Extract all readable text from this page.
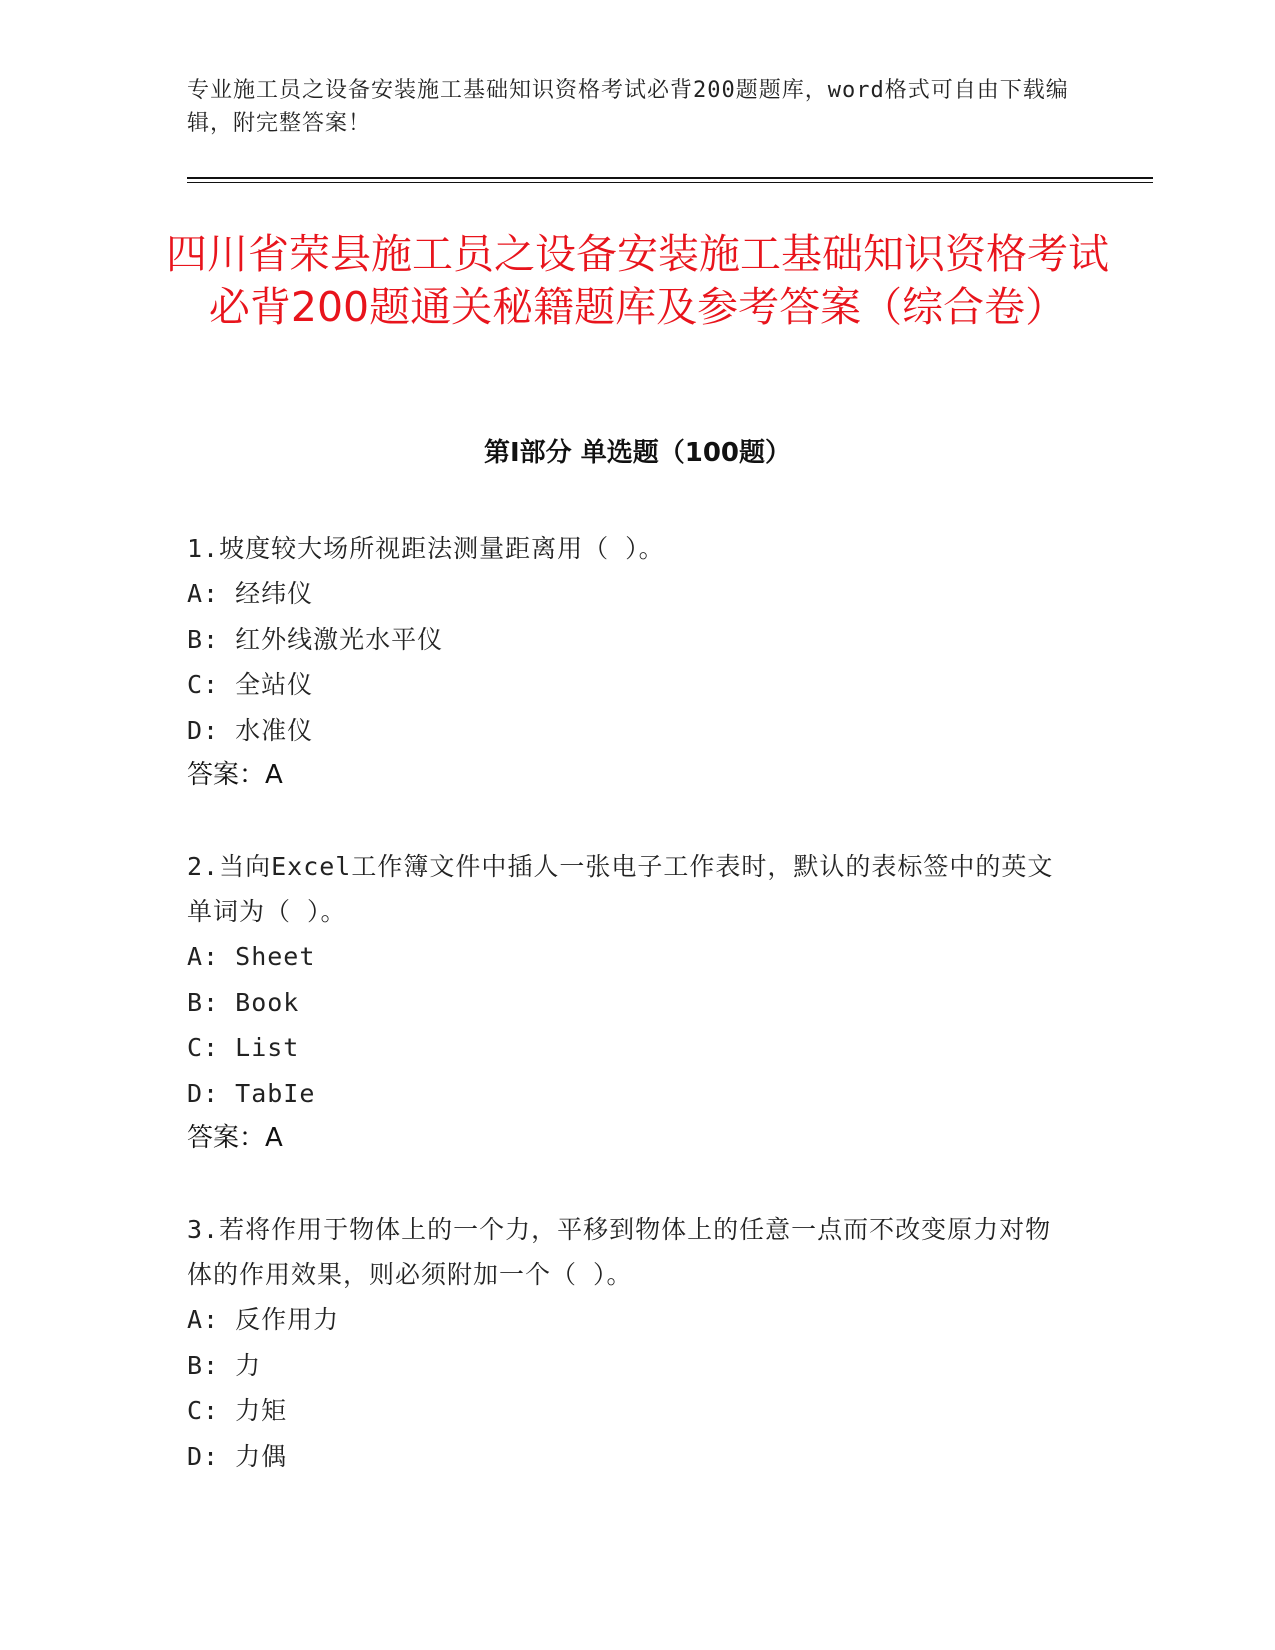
专业施工员之设备安装施工基础知识资格考试必背200题题库，word格式可自由下载编辑，附完整答案！
四川省荣县施工员之设备安装施工基础知识资格考试必背200题通关秘籍题库及参考答案（综合卷）
第I部分 单选题（100题）
1.坡度较大场所视距法测量距离用（ ）。
A: 经纬仪
B: 红外线激光水平仪
C: 全站仪
D: 水准仪
答案：A
2.当向Excel工作簿文件中插人一张电子工作表时，默认的表标签中的英文单词为（ ）。
A: Sheet
B: Book
C: List
D: TabIe
答案：A
3.若将作用于物体上的一个力，平移到物体上的任意一点而不改变原力对物体的作用效果，则必须附加一个（ ）。
A: 反作用力
B: 力
C: 力矩
D: 力偶
